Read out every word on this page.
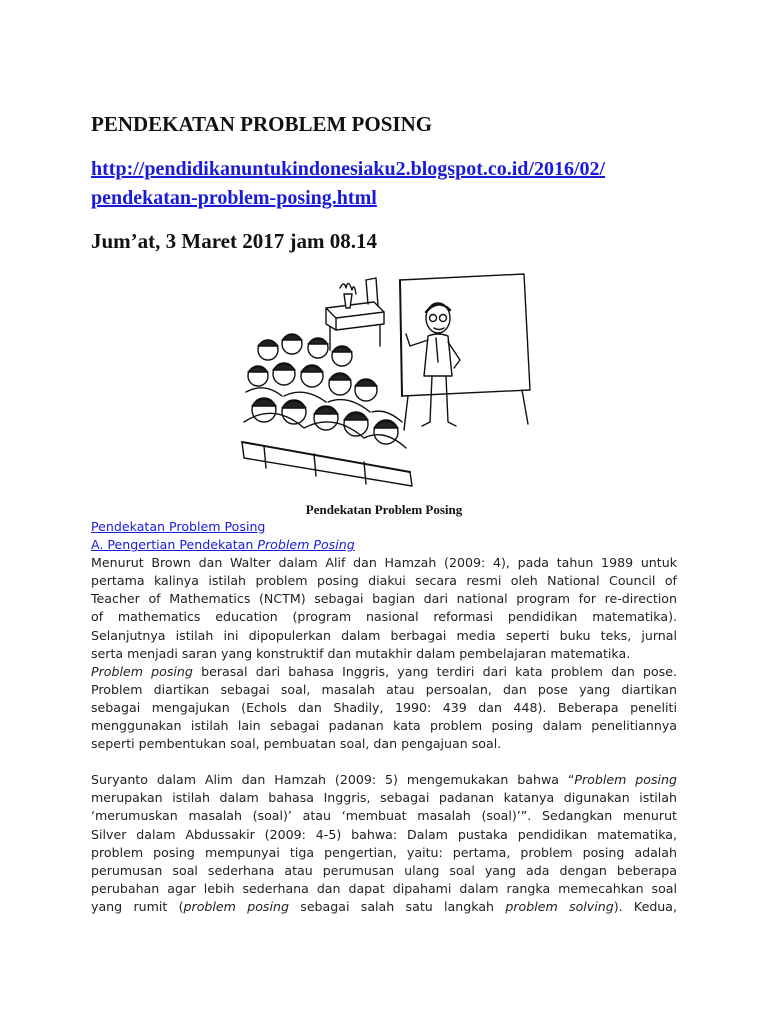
PENDEKATAN PROBLEM POSING
http://pendidikanuntukindonesiaku2.blogspot.co.id/2016/02/
pendekatan-problem-posing.html
Jum’at, 3 Maret 2017 jam 08.14
Pendekatan Problem Posing
Pendekatan Problem Posing
A. Pengertian Pendekatan Problem Posing

Menurut Brown dan Walter dalam Alif dan Hamzah (2009: 4), pada tahun 1989 untuk
pertama kalinya istilah problem posing diakui secara resmi oleh National Council of
Teacher of Mathematics (NCTM) sebagai bagian dari national program for re-direction
of mathematics education (program nasional reformasi pendidikan matematika).
Selanjutnya istilah ini dipopulerkan dalam berbagai media seperti buku teks, jurnal
serta menjadi saran yang konstruktif dan mutakhir dalam pembelajaran matematika.

Problem posing berasal dari bahasa Inggris, yang terdiri dari kata problem dan pose.
Problem diartikan sebagai soal, masalah atau persoalan, dan pose yang diartikan
sebagai mengajukan (Echols dan Shadily, 1990: 439 dan 448). Beberapa peneliti
menggunakan istilah lain sebagai padanan kata problem posing dalam penelitiannya
seperti pembentukan soal, pembuatan soal, dan pengajuan soal.

Suryanto dalam Alim dan Hamzah (2009: 5) mengemukakan bahwa “Problem posing
merupakan istilah dalam bahasa Inggris, sebagai padanan katanya digunakan istilah
‘merumuskan masalah (soal)’ atau ‘membuat masalah (soal)’”. Sedangkan menurut
Silver dalam Abdussakir (2009: 4-5) bahwa: Dalam pustaka pendidikan matematika,
problem posing mempunyai tiga pengertian, yaitu: pertama, problem posing adalah
perumusan soal sederhana atau perumusan ulang soal yang ada dengan beberapa
perubahan agar lebih sederhana dan dapat dipahami dalam rangka memecahkan soal
yang rumit (problem posing sebagai salah satu langkah problem solving). Kedua,
